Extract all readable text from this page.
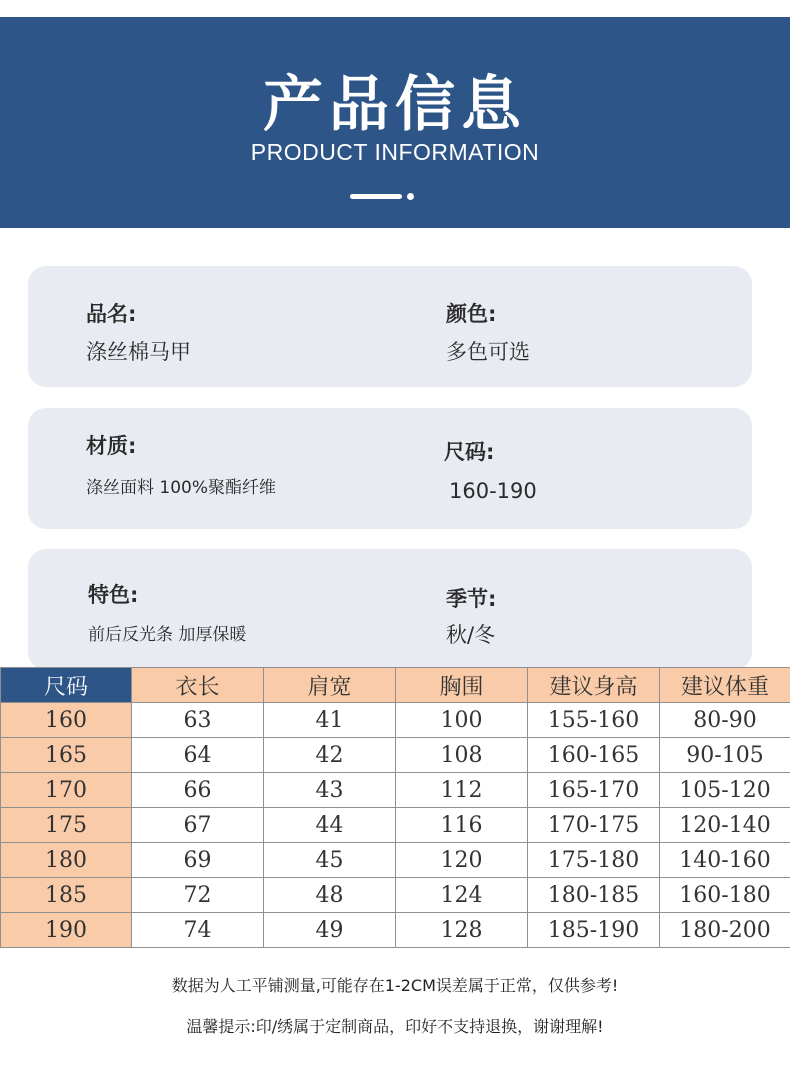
产品信息
PRODUCT INFORMATION
品名:
涤丝棉马甲
颜色:
多色可选
材质:
涤丝面料 100%聚酯纤维
尺码:
160-190
特色:
前后反光条 加厚保暖
季节:
秋/冬
尺码	衣长	肩宽	胸围	建议身高	建议体重
160	63	41	100	155-160	80-90
165	64	42	108	160-165	90-105
170	66	43	112	165-170	105-120
175	67	44	116	170-175	120-140
180	69	45	120	175-180	140-160
185	72	48	124	180-185	160-180
190	74	49	128	185-190	180-200
数据为人工平铺测量,可能存在1-2CM误差属于正常，仅供参考!
温馨提示:印/绣属于定制商品，印好不支持退换，谢谢理解!
